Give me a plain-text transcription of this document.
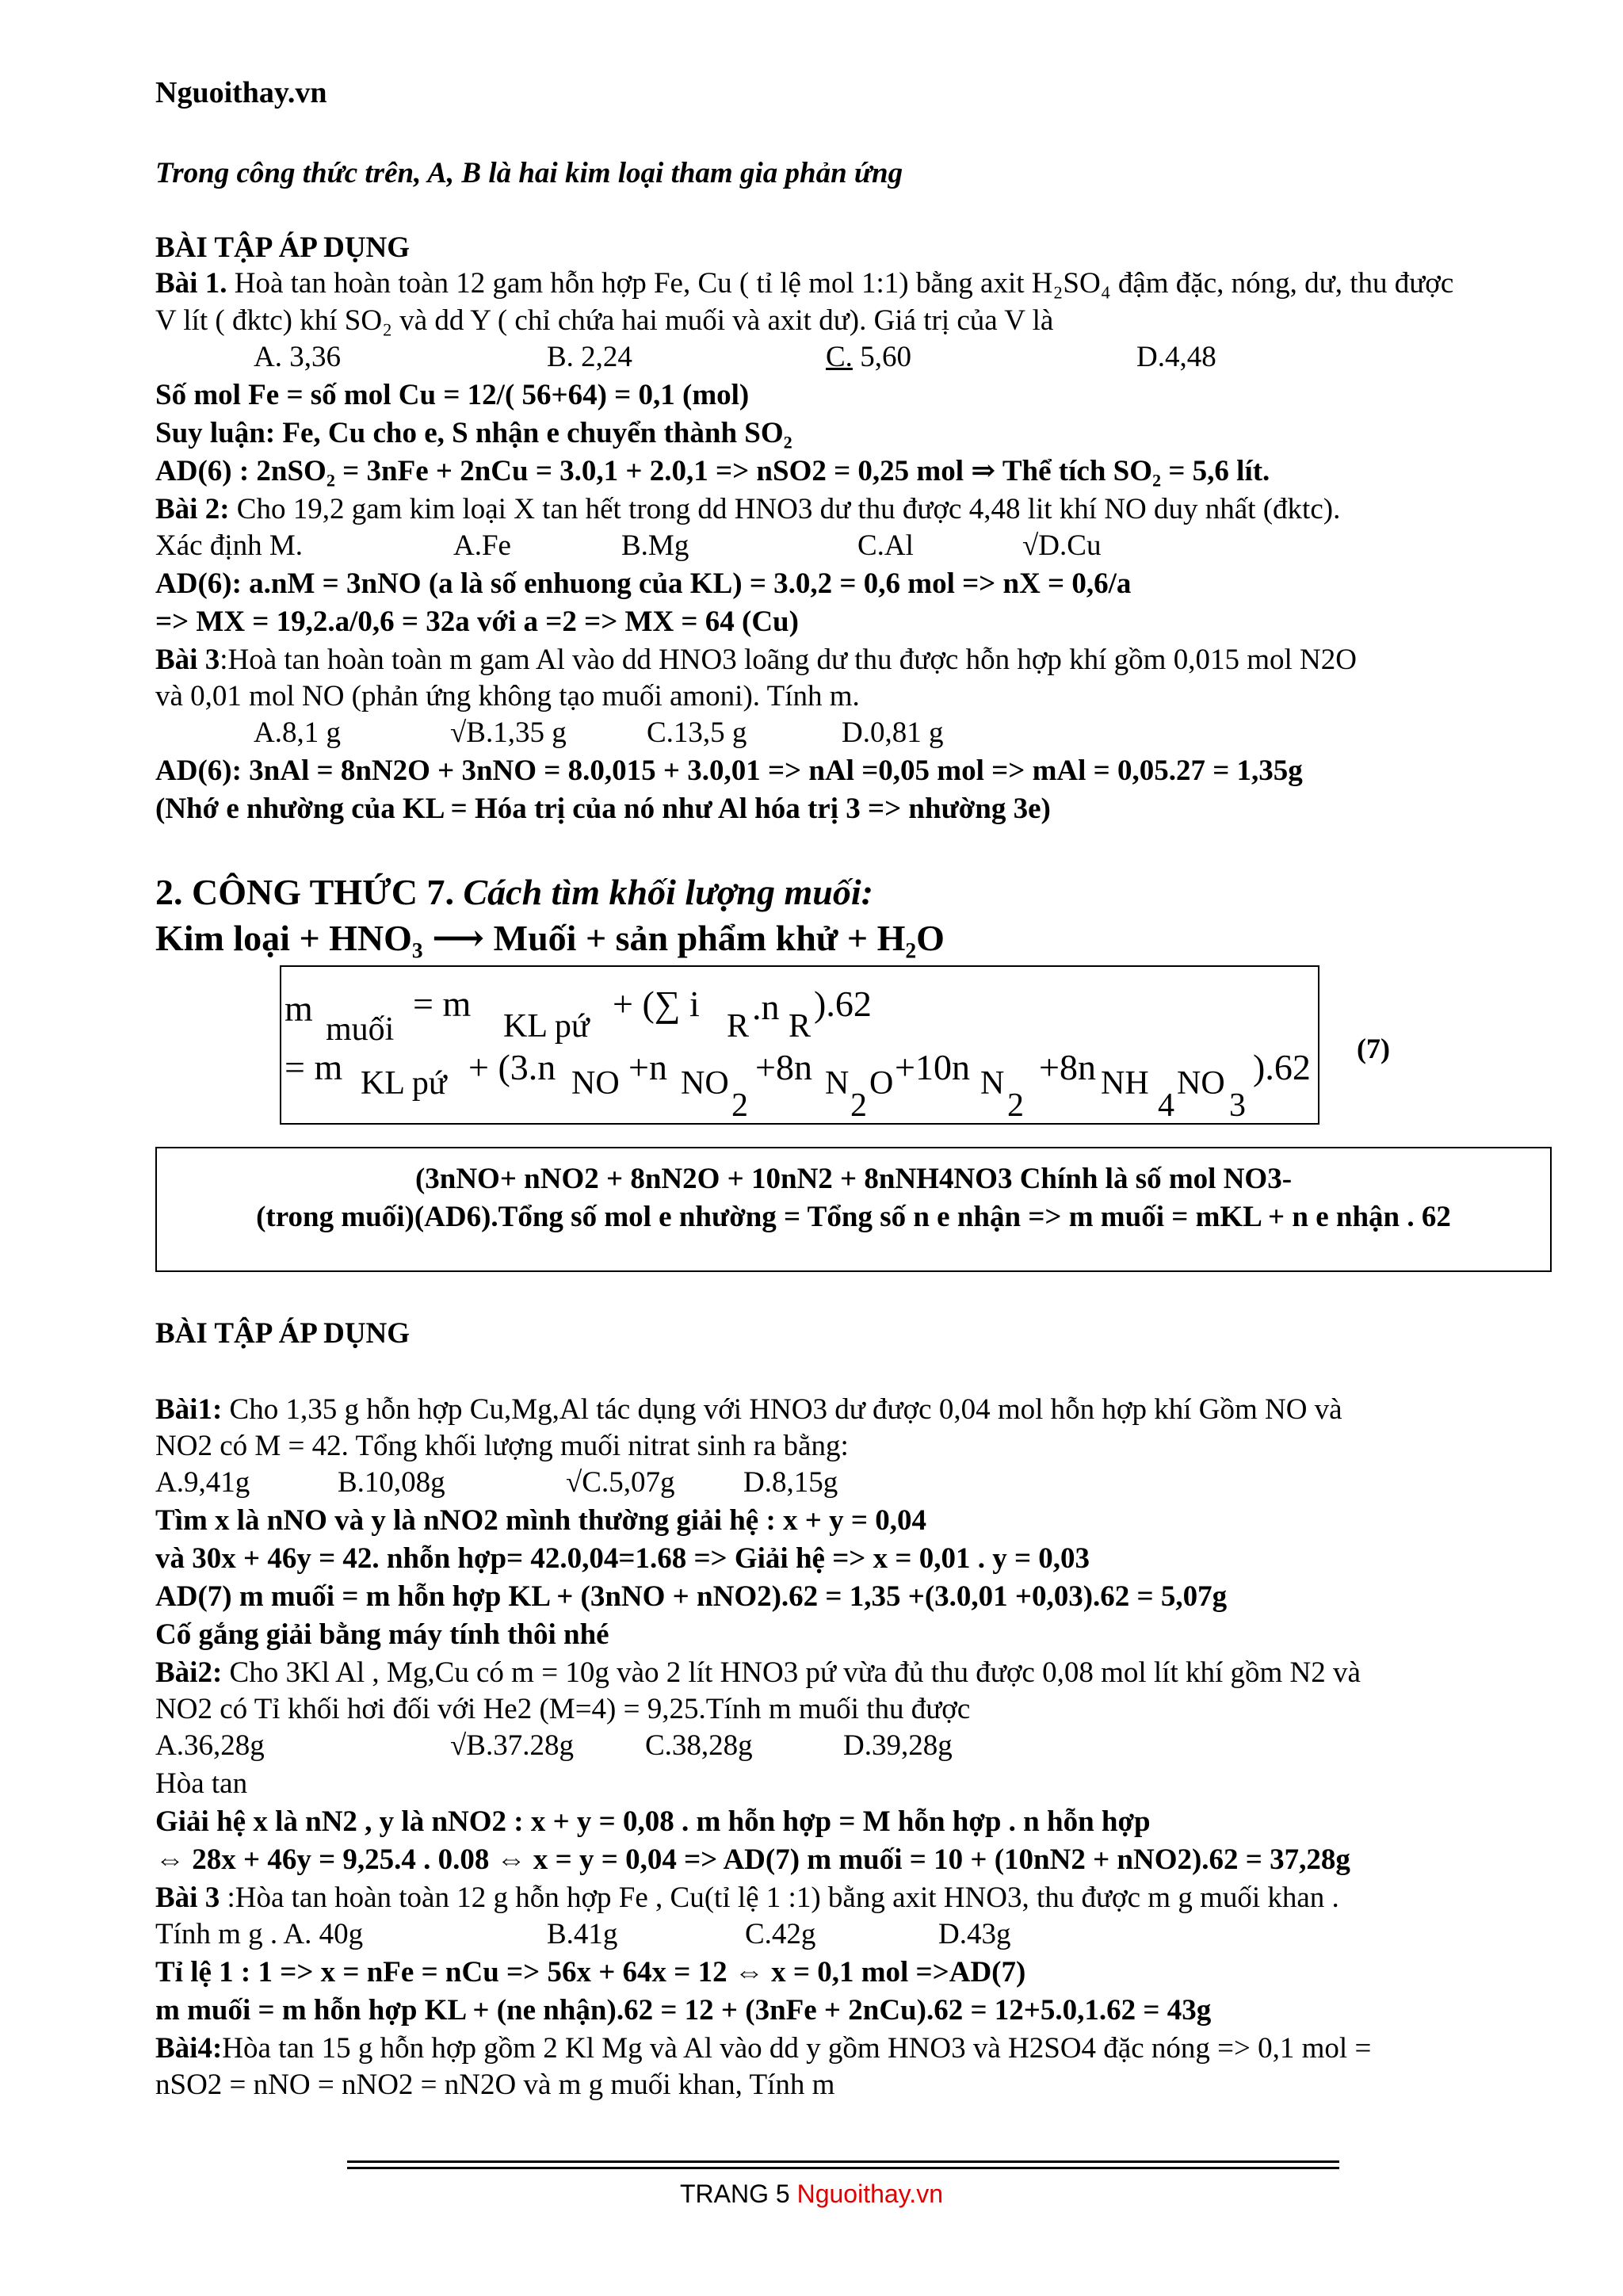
Nguoithay.vn
Trong công thức trên, A, B là hai kim loại tham gia phản ứng
BÀI TẬP ÁP DỤNG
Bài 1. Hoà tan hoàn toàn 12 gam hỗn hợp Fe, Cu ( tỉ lệ mol 1:1) bằng axit H₂SO₄ đậm đặc, nóng, dư, thu được
V lít ( đktc) khí SO₂ và dd Y ( chỉ chứa hai muối và axit dư). Giá trị của V là
A. 3,36	B. 2,24	C. 5,60	D.4,48
Số mol Fe = số mol Cu = 12/( 56+64) = 0,1 (mol)
Suy luận: Fe, Cu cho e, S nhận e chuyển thành SO₂
AD(6) : 2nSO₂ = 3nFe + 2nCu = 3.0,1 + 2.0,1 => nSO2 = 0,25 mol ⇒ Thể tích SO₂ = 5,6 lít.
Bài 2: Cho 19,2 gam kim loại X tan hết trong dd HNO3 dư thu được 4,48 lit khí NO duy nhất (đktc).
Xác định M.	A.Fe	B.Mg	C.Al	√D.Cu
AD(6): a.nM = 3nNO (a là số enhuong của KL) = 3.0,2 = 0,6 mol => nX = 0,6/a
=> MX = 19,2.a/0,6 = 32a với a =2 => MX = 64 (Cu)
Bài 3:Hoà tan hoàn toàn m gam Al vào dd HNO3 loãng dư thu được hỗn hợp khí gồm 0,015 mol N2O
và 0,01 mol NO (phản ứng không tạo muối amoni). Tính m.
A.8,1 g	√B.1,35 g	C.13,5 g	D.0,81 g
AD(6): 3nAl = 8nN2O + 3nNO = 8.0,015 + 3.0,01 => nAl =0,05 mol => mAl = 0,05.27 = 1,35g
(Nhớ e nhường của KL = Hóa trị của nó như Al hóa trị 3 => nhường 3e)
2. CÔNG THỨC 7. Cách tìm khối lượng muối:
Kim loại + HNO₃ ⟶ Muối + sản phẩm khử + H₂O
m
muối
= m
KL pứ
+ (∑ i
R .n R
).62
= m KL pứ + (3.n NO +n NO
2
+8n N
2
O +10n N
2
+8n NH
4
NO
3
).62 (7)
(3nNO+ nNO2 + 8nN2O + 10nN2 + 8nNH4NO3 Chính là số mol NO3-
(trong muối)(AD6).Tổng số mol e nhường = Tổng số n e nhận => m muối = mKL + n e nhận . 62
BÀI TẬP ÁP DỤNG
Bài1: Cho 1,35 g hỗn hợp Cu,Mg,Al tác dụng với HNO3 dư được 0,04 mol hỗn hợp khí Gồm NO và
NO2 có M = 42. Tổng khối lượng muối nitrat sinh ra bằng:
A.9,41g	B.10,08g	√C.5,07g D.8,15g
Tìm x là nNO và y là nNO2 mình thường giải hệ : x + y = 0,04
và 30x + 46y = 42. nhỗn hợp= 42.0,04=1.68 => Giải hệ => x = 0,01 . y = 0,03
AD(7) m muối = m hỗn hợp KL + (3nNO + nNO2).62 = 1,35 +(3.0,01 +0,03).62 = 5,07g
Cố gắng giải bằng máy tính thôi nhé
Bài2: Cho 3Kl Al , Mg,Cu có m = 10g vào 2 lít HNO3 pứ vừa đủ thu được 0,08 mol lít khí gồm N2 và
NO2 có Tỉ khối hơi đối với He2 (M=4) = 9,25.Tính m muối thu được
A.36,28g	√B.37.28g C.38,28g	D.39,28g
Hòa tan
Giải hệ x là nN2 , y là nNO2 : x + y = 0,08 . m hỗn hợp = M hỗn hợp . n hỗn hợp
⇔ 28x + 46y = 9,25.4 . 0.08 ⇔ x = y = 0,04 => AD(7) m muối = 10 + (10nN2 + nNO2).62 = 37,28g
Bài 3 :Hòa tan hoàn toàn 12 g hỗn hợp Fe , Cu(tỉ lệ 1 :1) bằng axit HNO3, thu được m g muối khan .
Tính m g . A. 40g	B.41g	C.42g	D.43g
Tỉ lệ 1 : 1 => x = nFe = nCu => 56x + 64x = 12 ⇔ x = 0,1 mol =>AD(7)
m muối = m hỗn hợp KL + (ne nhận).62 = 12 + (3nFe + 2nCu).62 = 12+5.0,1.62 = 43g
Bài4:Hòa tan 15 g hỗn hợp gồm 2 Kl Mg và Al vào dd y gồm HNO3 và H2SO4 đặc nóng => 0,1 mol =
nSO2 = nNO = nNO2 = nN2O và m g muối khan, Tính m
TRANG 5 Nguoithay.vn
